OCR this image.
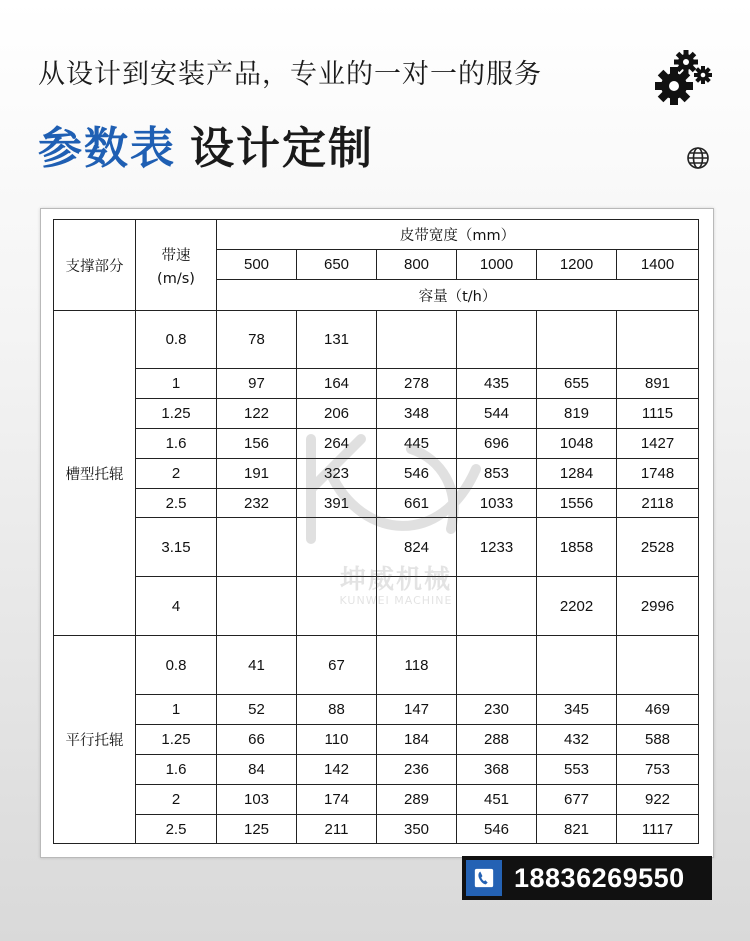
从设计到安装产品，专业的一对一的服务
参数表 设计定制
支撑部分	带速
(m/s)	皮带宽度（mm）					
		500	650	800	1000	1200	1400
		容量（t/h）					
槽型托辊	0.8	78	131				
	1	97	164	278	435	655	891
	1.25	122	206	348	544	819	1115
	1.6	156	264	445	696	1048	1427
	2	191	323	546	853	1284	1748
	2.5	232	391	661	1033	1556	2118
	3.15			824	1233	1858	2528
	4					2202	2996
平行托辊	0.8	41	67	118			
	1	52	88	147	230	345	469
	1.25	66	110	184	288	432	588
	1.6	84	142	236	368	553	753
	2	103	174	289	451	677	922
	2.5	125	211	350	546	821	1117
坤威机械
KUNWEI MACHINE
18836269550
